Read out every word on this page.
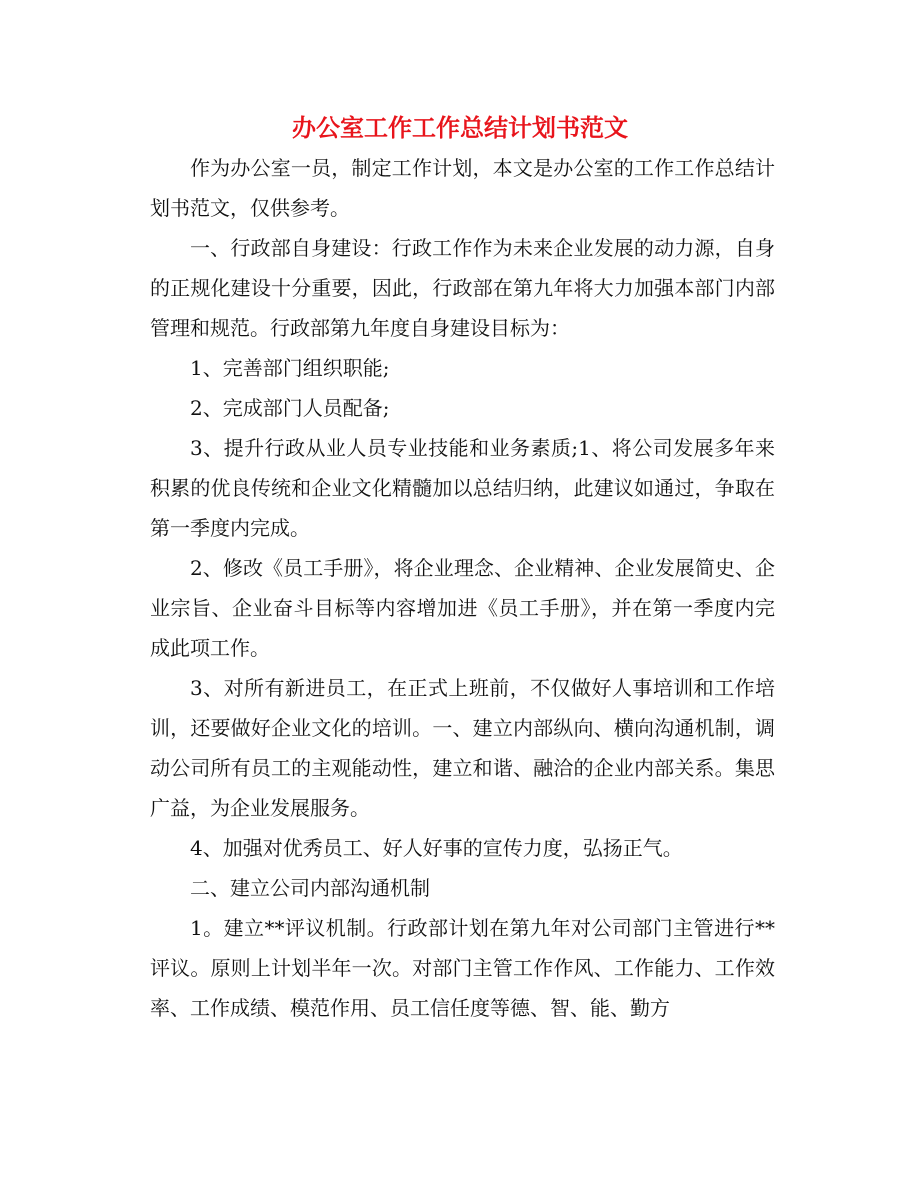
办公室工作工作总结计划书范文

作为办公室一员，制定工作计划，本文是办公室的工作工作总结计划书范文，仅供参考。

一、行政部自身建设：行政工作作为未来企业发展的动力源，自身的正规化建设十分重要，因此，行政部在第九年将大力加强本部门内部管理和规范。行政部第九年度自身建设目标为：

1、完善部门组织职能;

2、完成部门人员配备;

3、提升行政从业人员专业技能和业务素质;1、将公司发展多年来积累的优良传统和企业文化精髓加以总结归纳，此建议如通过，争取在第一季度内完成。

2、修改《员工手册》，将企业理念、企业精神、企业发展简史、企业宗旨、企业奋斗目标等内容增加进《员工手册》，并在第一季度内完成此项工作。

3、对所有新进员工，在正式上班前，不仅做好人事培训和工作培训，还要做好企业文化的培训。一、建立内部纵向、横向沟通机制，调动公司所有员工的主观能动性，建立和谐、融洽的企业内部关系。集思广益，为企业发展服务。

4、加强对优秀员工、好人好事的宣传力度，弘扬正气。

二、建立公司内部沟通机制

1。建立**评议机制。行政部计划在第九年对公司部门主管进行**评议。原则上计划半年一次。对部门主管工作作风、工作能力、工作效率、工作成绩、模范作用、员工信任度等德、智、能、勤方
